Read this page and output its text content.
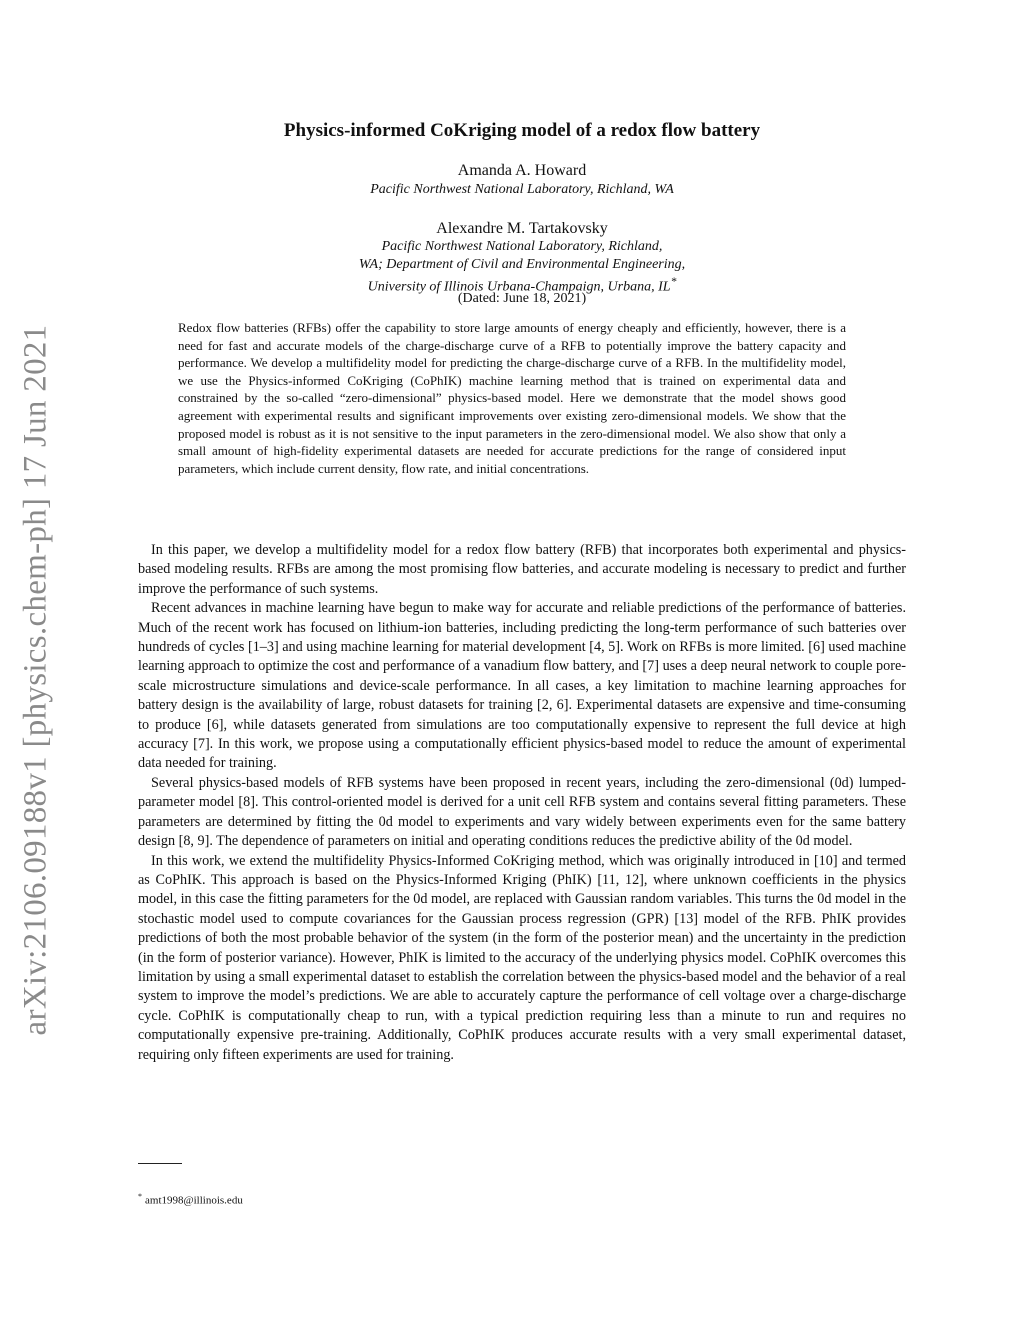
arXiv:2106.09188v1 [physics.chem-ph] 17 Jun 2021
Physics-informed CoKriging model of a redox flow battery
Amanda A. Howard
Pacific Northwest National Laboratory, Richland, WA
Alexandre M. Tartakovsky
Pacific Northwest National Laboratory, Richland,
WA; Department of Civil and Environmental Engineering,
University of Illinois Urbana-Champaign, Urbana, IL*
(Dated: June 18, 2021)

Redox flow batteries (RFBs) offer the capability to store large amounts of energy cheaply and efficiently, however, there is a need for fast and accurate models of the charge-discharge curve of a RFB to potentially improve the battery capacity and performance. We develop a multifidelity model for predicting the charge-discharge curve of a RFB. In the multifidelity model, we use the Physics-informed CoKriging (CoPhIK) machine learning method that is trained on experimental data and constrained by the so-called “zero-dimensional” physics-based model. Here we demonstrate that the model shows good agreement with experimental results and significant improvements over existing zero-dimensional models. We show that the proposed model is robust as it is not sensitive to the input parameters in the zero-dimensional model. We also show that only a small amount of high-fidelity experimental datasets are needed for accurate predictions for the range of considered input parameters, which include current density, flow rate, and initial concentrations.

In this paper, we develop a multifidelity model for a redox flow battery (RFB) that incorporates both experimental and physics-based modeling results. RFBs are among the most promising flow batteries, and accurate modeling is necessary to predict and further improve the performance of such systems.

Recent advances in machine learning have begun to make way for accurate and reliable predictions of the performance of batteries. Much of the recent work has focused on lithium-ion batteries, including predicting the long-term performance of such batteries over hundreds of cycles [1–3] and using machine learning for material development [4, 5]. Work on RFBs is more limited. [6] used machine learning approach to optimize the cost and performance of a vanadium flow battery, and [7] uses a deep neural network to couple pore-scale microstructure simulations and device-scale performance. In all cases, a key limitation to machine learning approaches for battery design is the availability of large, robust datasets for training [2, 6]. Experimental datasets are expensive and time-consuming to produce [6], while datasets generated from simulations are too computationally expensive to represent the full device at high accuracy [7]. In this work, we propose using a computationally efficient physics-based model to reduce the amount of experimental data needed for training.

Several physics-based models of RFB systems have been proposed in recent years, including the zero-dimensional (0d) lumped-parameter model [8]. This control-oriented model is derived for a unit cell RFB system and contains several fitting parameters. These parameters are determined by fitting the 0d model to experiments and vary widely between experiments even for the same battery design [8, 9]. The dependence of parameters on initial and operating conditions reduces the predictive ability of the 0d model.

In this work, we extend the multifidelity Physics-Informed CoKriging method, which was originally introduced in [10] and termed as CoPhIK. This approach is based on the Physics-Informed Kriging (PhIK) [11, 12], where unknown coefficients in the physics model, in this case the fitting parameters for the 0d model, are replaced with Gaussian random variables. This turns the 0d model in the stochastic model used to compute covariances for the Gaussian process regression (GPR) [13] model of the RFB. PhIK provides predictions of both the most probable behavior of the system (in the form of the posterior mean) and the uncertainty in the prediction (in the form of posterior variance). However, PhIK is limited to the accuracy of the underlying physics model. CoPhIK overcomes this limitation by using a small experimental dataset to establish the correlation between the physics-based model and the behavior of a real system to improve the model’s predictions. We are able to accurately capture the performance of cell voltage over a charge-discharge cycle. CoPhIK is computationally cheap to run, with a typical prediction requiring less than a minute to run and requires no computationally expensive pre-training. Additionally, CoPhIK produces accurate results with a very small experimental dataset, requiring only fifteen experiments are used for training.

* amt1998@illinois.edu
